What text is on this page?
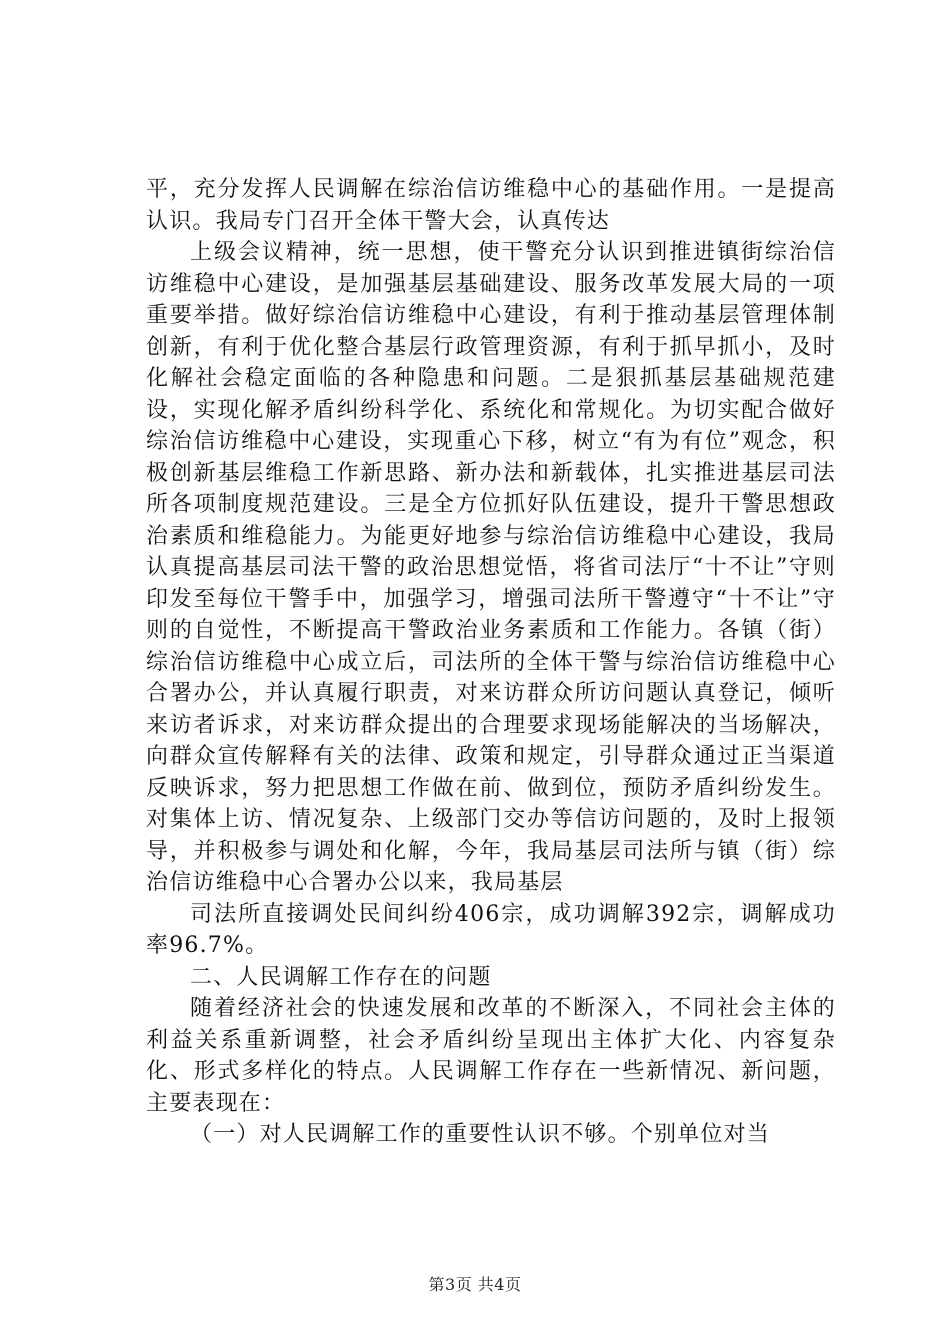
平，充分发挥人民调解在综治信访维稳中心的基础作用。一是提高认识。我局专门召开全体干警大会，认真传达

上级会议精神，统一思想，使干警充分认识到推进镇街综治信访维稳中心建设，是加强基层基础建设、服务改革发展大局的一项重要举措。做好综治信访维稳中心建设，有利于推动基层管理体制创新，有利于优化整合基层行政管理资源，有利于抓早抓小，及时化解社会稳定面临的各种隐患和问题。二是狠抓基层基础规范建设，实现化解矛盾纠纷科学化、系统化和常规化。为切实配合做好综治信访维稳中心建设，实现重心下移，树立“有为有位”观念，积极创新基层维稳工作新思路、新办法和新载体，扎实推进基层司法所各项制度规范建设。三是全方位抓好队伍建设，提升干警思想政治素质和维稳能力。为能更好地参与综治信访维稳中心建设，我局认真提高基层司法干警的政治思想觉悟，将省司法厅“十不让”守则印发至每位干警手中，加强学习，增强司法所干警遵守“十不让”守则的自觉性，不断提高干警政治业务素质和工作能力。各镇（街）综治信访维稳中心成立后，司法所的全体干警与综治信访维稳中心合署办公，并认真履行职责，对来访群众所访问题认真登记，倾听来访者诉求，对来访群众提出的合理要求现场能解决的当场解决，向群众宣传解释有关的法律、政策和规定，引导群众通过正当渠道反映诉求，努力把思想工作做在前、做到位，预防矛盾纠纷发生。对集体上访、情况复杂、上级部门交办等信访问题的，及时上报领导，并积极参与调处和化解，今年，我局基层司法所与镇（街）综治信访维稳中心合署办公以来，我局基层

司法所直接调处民间纠纷406宗，成功调解392宗，调解成功率96.7%。

二、人民调解工作存在的问题

随着经济社会的快速发展和改革的不断深入，不同社会主体的利益关系重新调整，社会矛盾纠纷呈现出主体扩大化、内容复杂化、形式多样化的特点。人民调解工作存在一些新情况、新问题，主要表现在：

（一）对人民调解工作的重要性认识不够。个别单位对当

第3页 共4页
